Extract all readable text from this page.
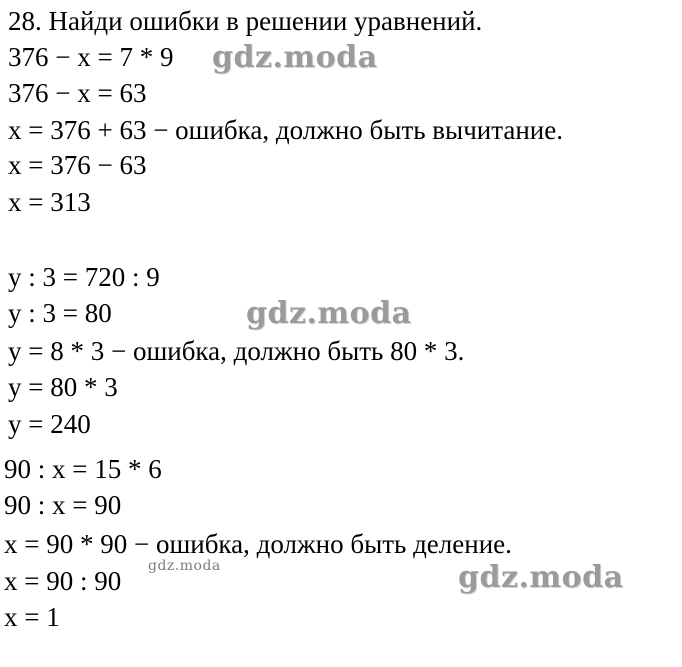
28. Найди ошибки в решении уравнений.
376 − x = 7 * 9
376 − x = 63
x = 376 + 63 − ошибка, должно быть вычитание.
x = 376 − 63
x = 313
y : 3 = 720 : 9
y : 3 = 80
y = 8 * 3 − ошибка, должно быть 80 * 3.
y = 80 * 3
y = 240
90 : x = 15 * 6
90 : x = 90
x = 90 * 90 − ошибка, должно быть деление.
x = 90 : 90
x = 1
gdz.moda
gdz.moda
gdz.moda	gdz.moda
